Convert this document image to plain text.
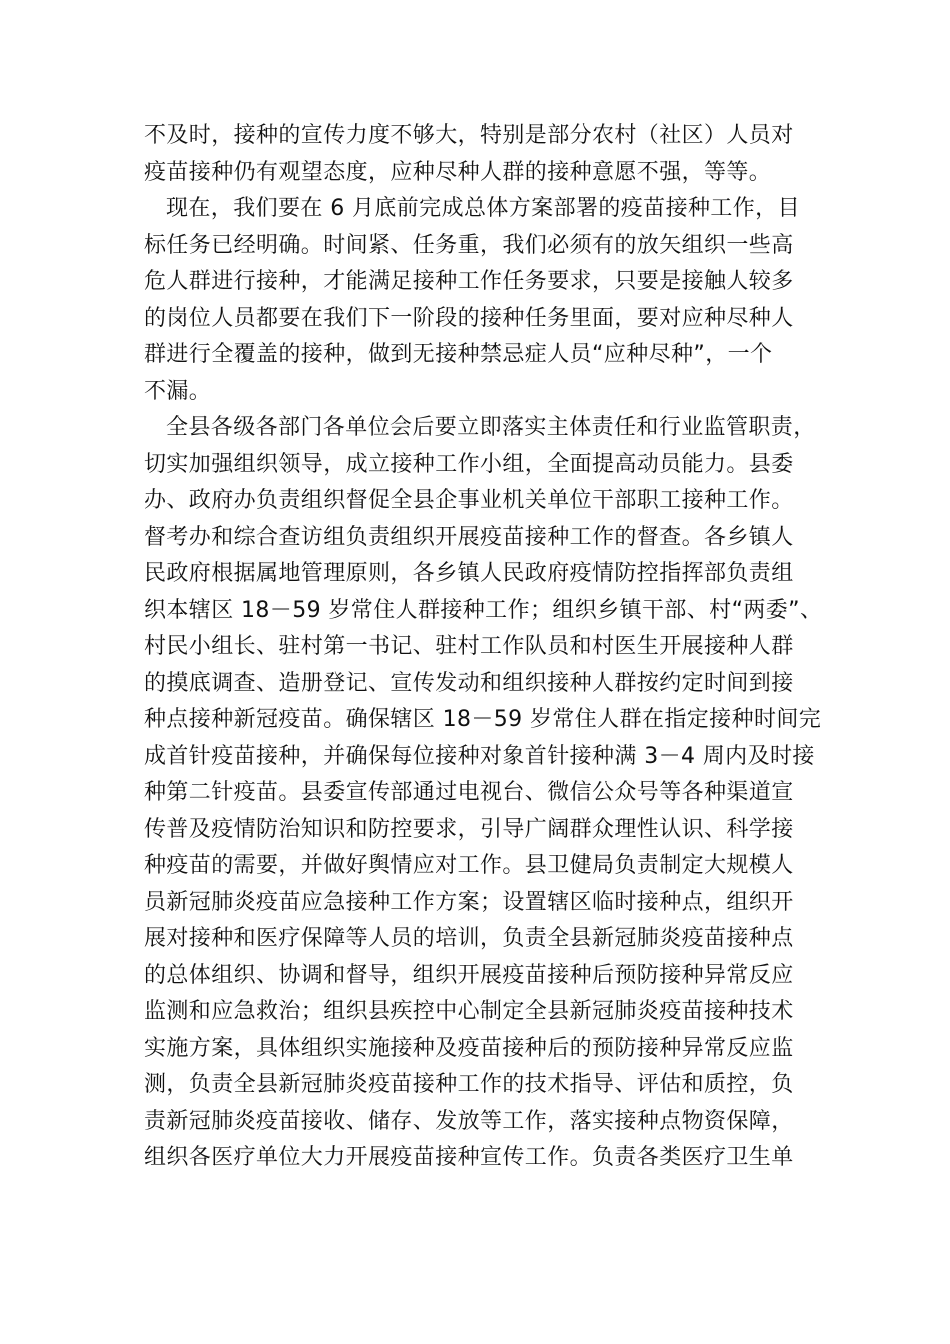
不及时，接种的宣传力度不够大，特别是部分农村（社区）人员对
疫苗接种仍有观望态度，应种尽种人群的接种意愿不强，等等。
现在，我们要在 6 月底前完成总体方案部署的疫苗接种工作，目
标任务已经明确。时间紧、任务重，我们必须有的放矢组织一些高
危人群进行接种，才能满足接种工作任务要求，只要是接触人较多
的岗位人员都要在我们下一阶段的接种任务里面，要对应种尽种人
群进行全覆盖的接种，做到无接种禁忌症人员“应种尽种”，一个
不漏。
全县各级各部门各单位会后要立即落实主体责任和行业监管职责，
切实加强组织领导，成立接种工作小组，全面提高动员能力。县委
办、政府办负责组织督促全县企事业机关单位干部职工接种工作。
督考办和综合查访组负责组织开展疫苗接种工作的督查。各乡镇人
民政府根据属地管理原则，各乡镇人民政府疫情防控指挥部负责组
织本辖区 18－59 岁常住人群接种工作；组织乡镇干部、村“两委”、
村民小组长、驻村第一书记、驻村工作队员和村医生开展接种人群
的摸底调查、造册登记、宣传发动和组织接种人群按约定时间到接
种点接种新冠疫苗。确保辖区 18－59 岁常住人群在指定接种时间完
成首针疫苗接种，并确保每位接种对象首针接种满 3－4 周内及时接
种第二针疫苗。县委宣传部通过电视台、微信公众号等各种渠道宣
传普及疫情防治知识和防控要求，引导广阔群众理性认识、科学接
种疫苗的需要，并做好舆情应对工作。县卫健局负责制定大规模人
员新冠肺炎疫苗应急接种工作方案；设置辖区临时接种点，组织开
展对接种和医疗保障等人员的培训，负责全县新冠肺炎疫苗接种点
的总体组织、协调和督导，组织开展疫苗接种后预防接种异常反应
监测和应急救治；组织县疾控中心制定全县新冠肺炎疫苗接种技术
实施方案，具体组织实施接种及疫苗接种后的预防接种异常反应监
测，负责全县新冠肺炎疫苗接种工作的技术指导、评估和质控，负
责新冠肺炎疫苗接收、储存、发放等工作，落实接种点物资保障，
组织各医疗单位大力开展疫苗接种宣传工作。负责各类医疗卫生单
